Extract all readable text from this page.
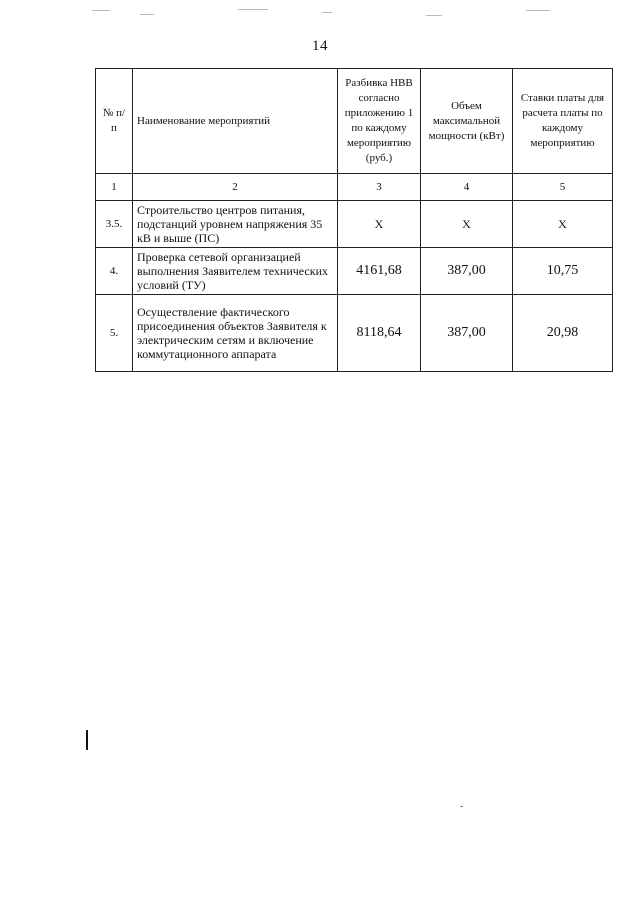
14
№ п/п	Наименование мероприятий	Разбивка НВВ согласно приложению 1 по каждому мероприятию (руб.)	Объем максимальной мощности (кВт)	Ставки платы для расчета платы по каждому мероприятию
1	2	3	4	5
3.5.	Строительство центров питания, подстанций уровнем напряжения 35 кВ и выше (ПС)	Х	Х	Х
4.	Проверка сетевой организацией выполнения Заявителем технических условий (ТУ)	4161,68	387,00	10,75
5.	Осуществление фактического присоединения объектов Заявителя к электрическим сетям и включение коммутационного аппарата	8118,64	387,00	20,98
